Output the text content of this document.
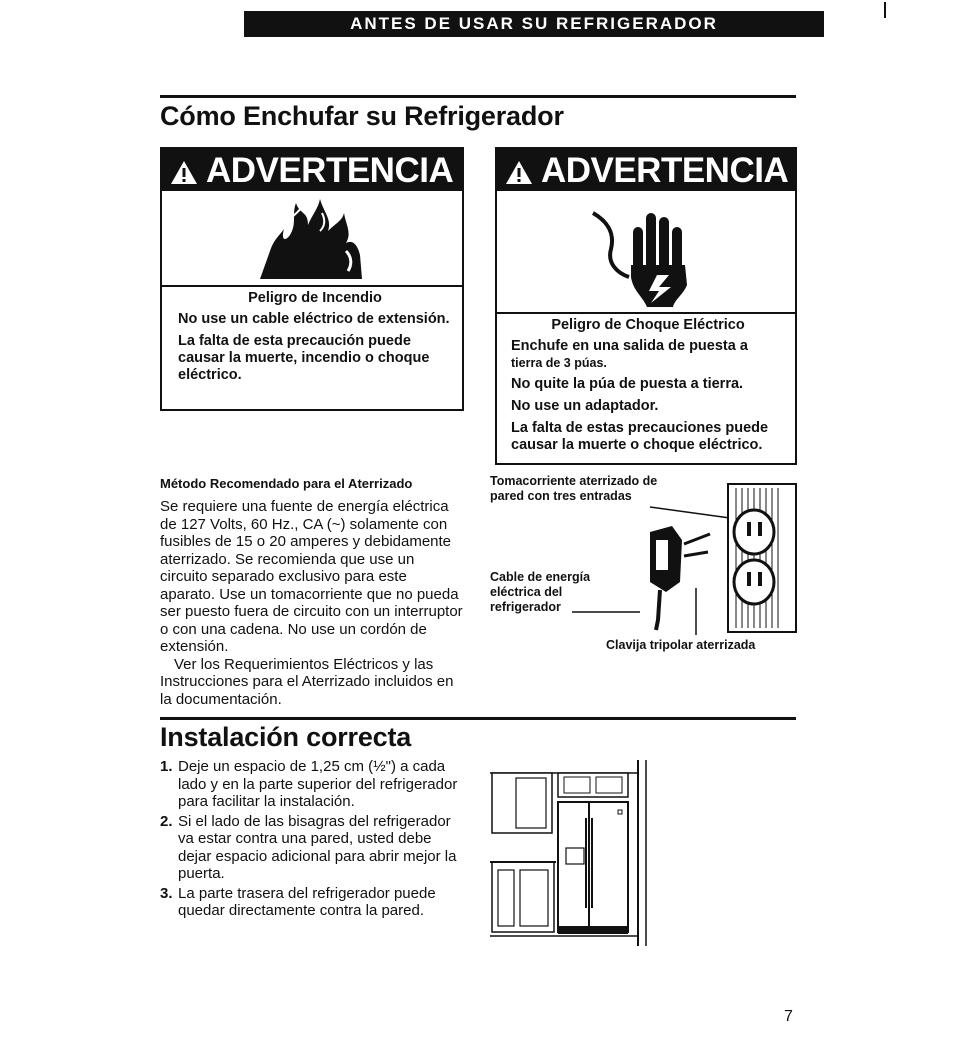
ANTES DE USAR SU REFRIGERADOR
Cómo Enchufar su Refrigerador
ADVERTENCIA

Peligro de Incendio

No use un cable eléctrico de extensión.

La falta de esta precaución puede causar la muerte, incendio o choque eléctrico.

ADVERTENCIA

Peligro de Choque Eléctrico

Enchufe en una salida de puesta a
tierra de 3 púas.

No quite la púa de puesta a tierra.

No use un adaptador.

La falta de estas precauciones puede causar la muerte o choque eléctrico.

Método Recomendado para el Aterrizado

Se requiere una fuente de energía eléctrica de 127 Volts, 60 Hz., CA (~) solamente con fusibles de 15 o 20 amperes y debidamente aterrizado. Se recomienda que use un circuito separado exclusivo para este aparato. Use un tomacorriente que no pueda ser puesto fuera de circuito con un interruptor o con una cadena. No use un cordón de extensión.

Ver los Requerimientos Eléctricos y las Instrucciones para el Aterrizado incluidos en la documentación.

Tomacorriente aterrizado de pared con tres entradas
Cable de energía eléctrica del refrigerador
Clavija tripolar aterrizada
Instalación correcta
1. Deje un espacio de 1,25 cm (½") a cada lado y en la parte superior del refrigerador para facilitar la instalación.
2. Si el lado de las bisagras del refrigerador va estar contra una pared, usted debe dejar espacio adicional para abrir mejor la puerta.
3. La parte trasera del refrigerador puede quedar directamente contra la pared.
7
